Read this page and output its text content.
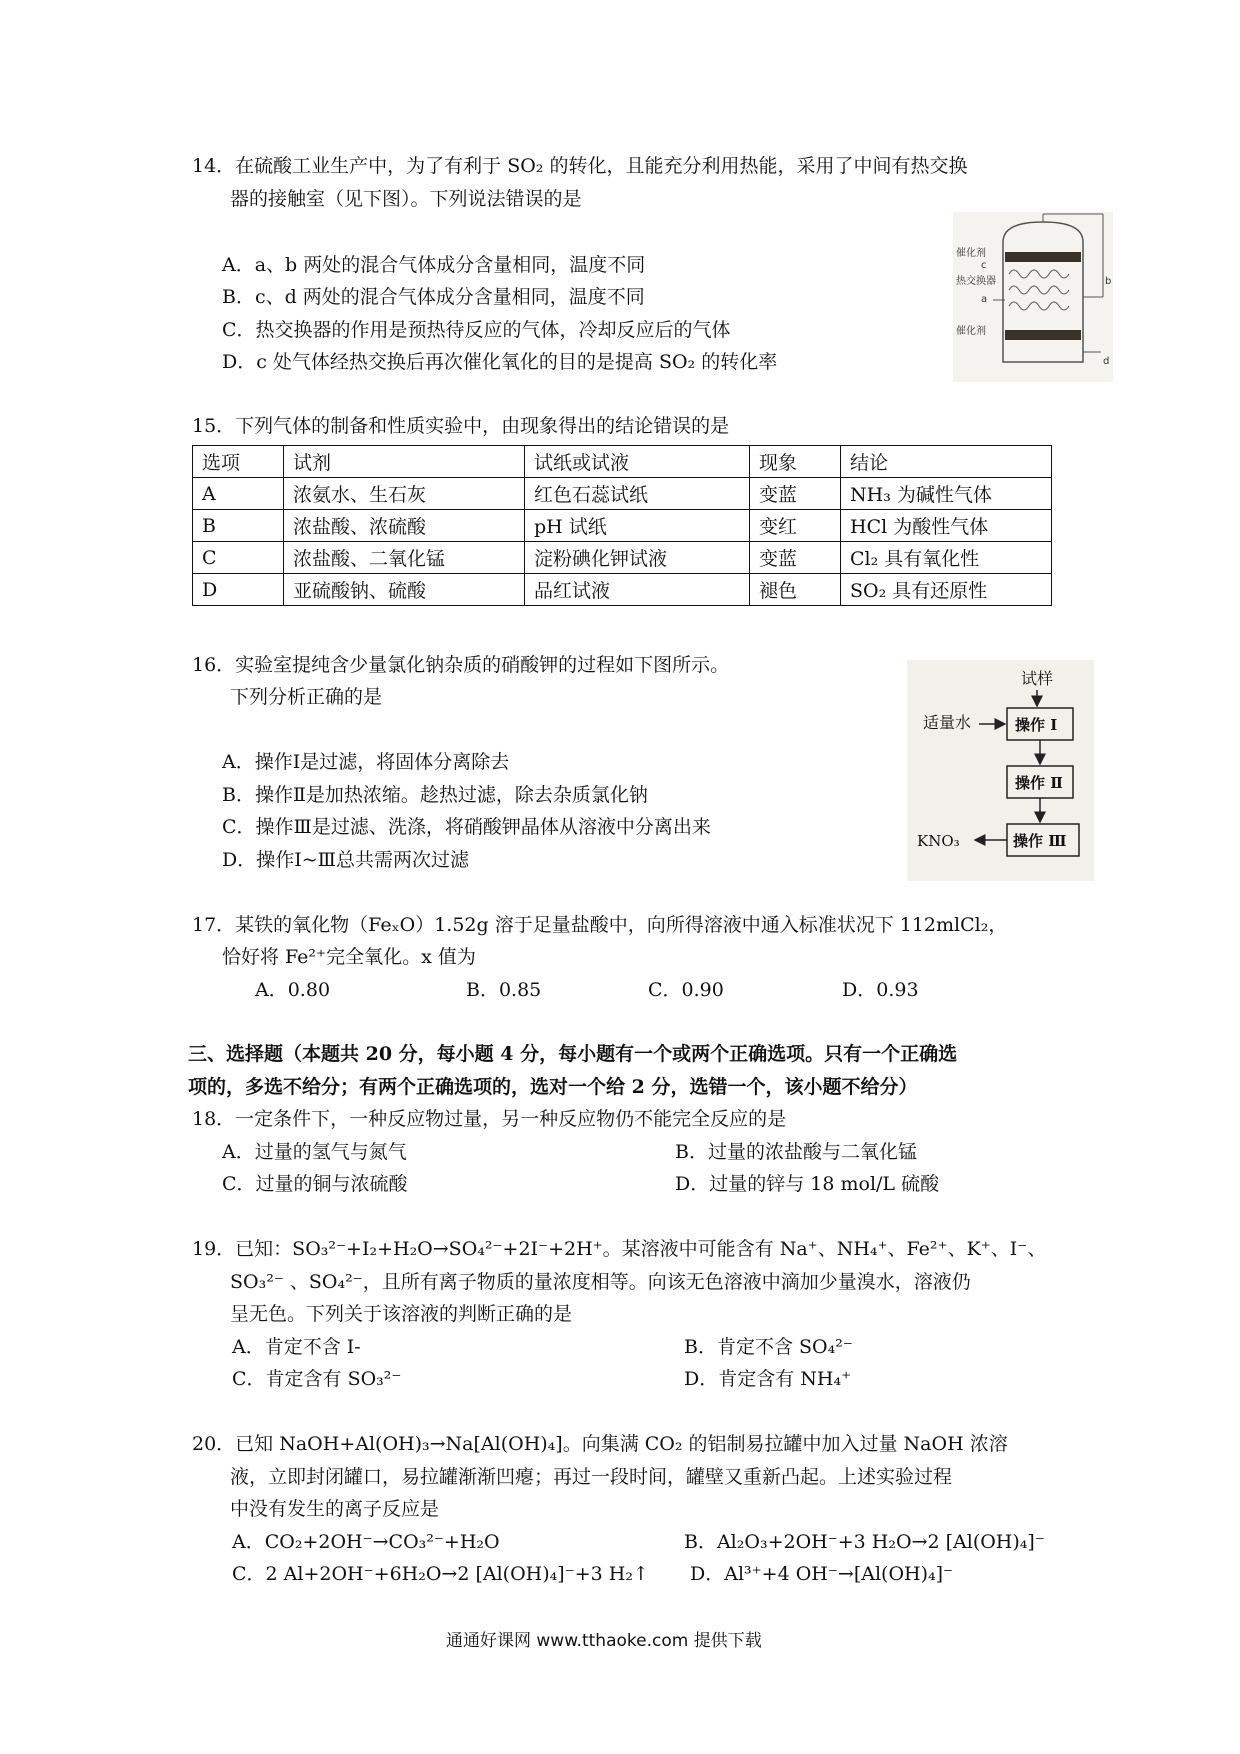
14．在硫酸工业生产中，为了有利于 SO₂ 的转化，且能充分利用热能，采用了中间有热交换
器的接触室（见下图）。下列说法错误的是
A．a、b 两处的混合气体成分含量相同，温度不同
B．c、d 两处的混合气体成分含量相同，温度不同
C．热交换器的作用是预热待反应的气体，冷却反应后的气体
D．c 处气体经热交换后再次催化氧化的目的是提高 SO₂ 的转化率
催化剂
c
热交换器
a
催化剂
b
d
15．下列气体的制备和性质实验中，由现象得出的结论错误的是
选项	试剂	试纸或试液	现象	结论
A	浓氨水、生石灰	红色石蕊试纸	变蓝	NH₃ 为碱性气体
B	浓盐酸、浓硫酸	pH 试纸	变红	HCl 为酸性气体
C	浓盐酸、二氧化锰	淀粉碘化钾试液	变蓝	Cl₂ 具有氧化性
D	亚硫酸钠、硫酸	品红试液	褪色	SO₂ 具有还原性
16．实验室提纯含少量氯化钠杂质的硝酸钾的过程如下图所示。
下列分析正确的是
A．操作Ⅰ是过滤，将固体分离除去
B．操作Ⅱ是加热浓缩。趁热过滤，除去杂质氯化钠
C．操作Ⅲ是过滤、洗涤，将硝酸钾晶体从溶液中分离出来
D．操作Ⅰ~Ⅲ总共需两次过滤
试样
适量水	操作 Ⅰ
操作 Ⅱ
操作 Ⅲ
KNO₃
17．某铁的氧化物（FeₓO）1.52g 溶于足量盐酸中，向所得溶液中通入标准状况下 112mlCl₂，
恰好将 Fe²⁺完全氧化。x 值为
A．0.80	B．0.85	C．0.90	D．0.93
三、选择题（本题共 20 分，每小题 4 分，每小题有一个或两个正确选项。只有一个正确选
项的，多选不给分；有两个正确选项的，选对一个给 2 分，选错一个，该小题不给分）
18．一定条件下，一种反应物过量，另一种反应物仍不能完全反应的是
A．过量的氢气与氮气	B．过量的浓盐酸与二氧化锰
C．过量的铜与浓硫酸	D．过量的锌与 18 mol/L 硫酸
19．已知：SO₃²⁻+I₂+H₂O→SO₄²⁻+2I⁻+2H⁺。某溶液中可能含有 Na⁺、NH₄⁺、Fe²⁺、K⁺、I⁻、
SO₃²⁻ 、SO₄²⁻，且所有离子物质的量浓度相等。向该无色溶液中滴加少量溴水，溶液仍
呈无色。下列关于该溶液的判断正确的是
A．肯定不含 I-	B．肯定不含 SO₄²⁻
C．肯定含有 SO₃²⁻	D．肯定含有 NH₄⁺
20．已知 NaOH+Al(OH)₃→Na[Al(OH)₄]。向集满 CO₂ 的铝制易拉罐中加入过量 NaOH 浓溶
液，立即封闭罐口，易拉罐渐渐凹瘪；再过一段时间，罐壁又重新凸起。上述实验过程
中没有发生的离子反应是
A．CO₂+2OH⁻→CO₃²⁻+H₂O	B．Al₂O₃+2OH⁻+3 H₂O→2 [Al(OH)₄]⁻
C．2 Al+2OH⁻+6H₂O→2 [Al(OH)₄]⁻+3 H₂↑ D．Al³⁺+4 OH⁻→[Al(OH)₄]⁻
通通好课网 www.tthaoke.com 提供下载
